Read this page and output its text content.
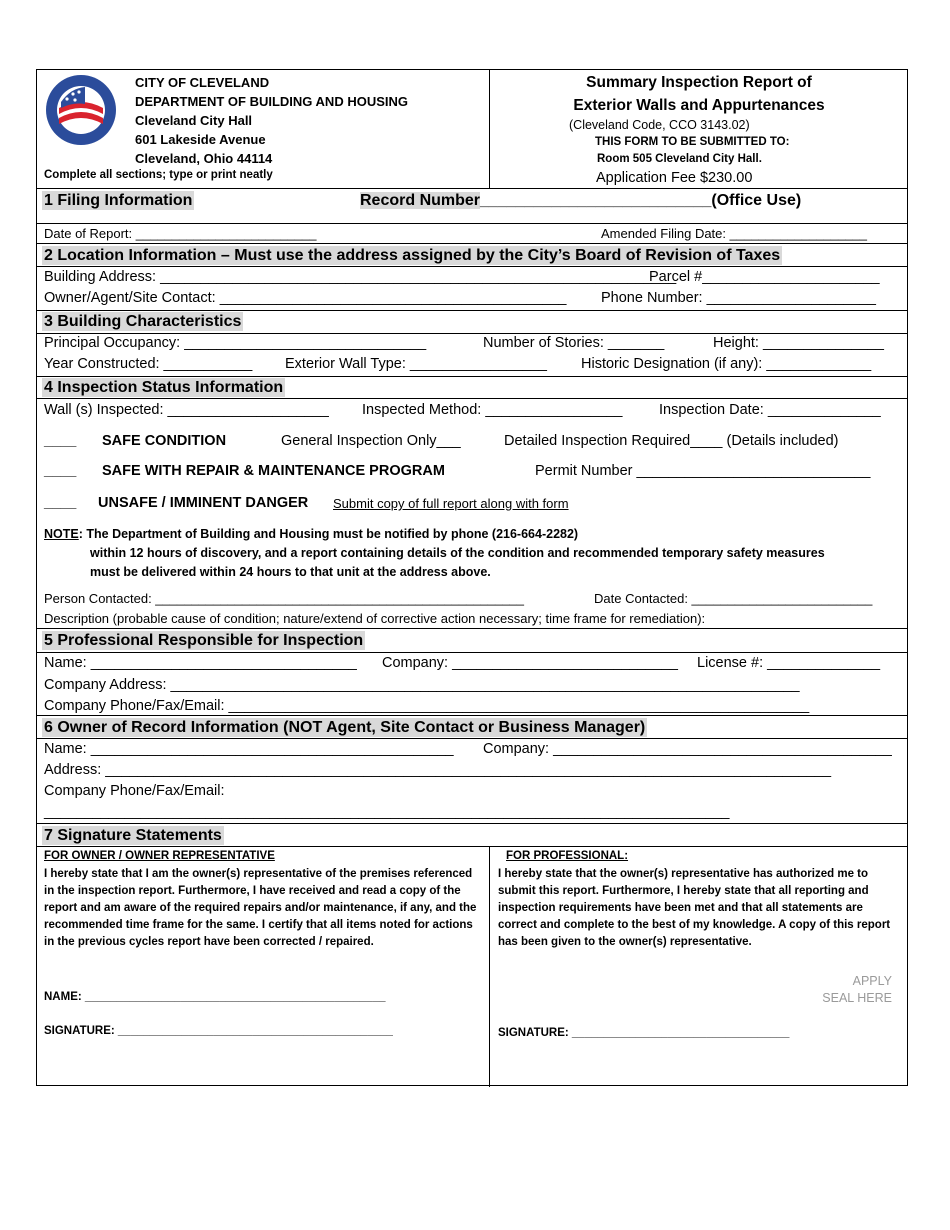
CITY OF CLEVELAND
DEPARTMENT OF BUILDING AND HOUSING
Cleveland City Hall
601 Lakeside Avenue
Cleveland, Ohio 44114
Complete all sections; type or print neatly
Summary Inspection Report of
Exterior Walls and Appurtenances
(Cleveland Code, CCO 3143.02)
THIS FORM TO BE SUBMITTED TO:
Room 505 Cleveland City Hall.
Application Fee $230.00
1 Filing Information	Record Number__________________________(Office Use)
Date of Report: _________________________	Amended Filing Date: ___________________
2 Location Information – Must use the address assigned by the City’s Board of Revision of Taxes
Building Address: ________________________________________________________________
Parcel #______________________
Owner/Agent/Site Contact: ___________________________________________ Phone Number: _____________________
3 Building Characteristics
Principal Occupancy: ______________________________	Number of Stories: _______	Height: _______________
Year Constructed: ___________ Exterior Wall Type: _________________ Historic Designation (if any): _____________
4 Inspection Status Information
Wall (s) Inspected: ____________________ Inspected Method: _________________	Inspection Date: ______________
____ SAFE CONDITION	General Inspection Only___	Detailed Inspection Required____ (Details included)
____ SAFE WITH REPAIR & MAINTENANCE PROGRAM	Permit Number _____________________________
____ UNSAFE / IMMINENT DANGER Submit copy of full report along with form
NOTE: The Department of Building and Housing must be notified by phone (216-664-2282)
within 12 hours of discovery, and a report containing details of the condition and recommended temporary safety measures
must be delivered within 24 hours to that unit at the address above.
Person Contacted: ___________________________________________________	Date Contacted: _________________________
Description (probable cause of condition; nature/extend of corrective action necessary; time frame for remediation):
5 Professional Responsible for Inspection
Name: _________________________________ Company: ____________________________ License #: ______________
Company Address: ______________________________________________________________________________
Company Phone/Fax/Email: ________________________________________________________________________
6 Owner of Record Information (NOT Agent, Site Contact or Business Manager)
Name: _____________________________________________ Company: __________________________________________
Address: __________________________________________________________________________________________
Company Phone/Fax/Email:
_____________________________________________________________________________________
7 Signature Statements
FOR OWNER / OWNER REPRESENTATIVE
I hereby state that I am the owner(s) representative of the premises referenced in the inspection report. Furthermore, I have received and read a copy of the report and am aware of the required repairs and/or maintenance, if any, and the recommended time frame for the same. I certify that all items noted for actions in the previous cycles report have been corrected / repaired.
NAME: _______________________________________________
SIGNATURE: ___________________________________________
FOR PROFESSIONAL:
I hereby state that the owner(s) representative has authorized me to submit this report. Furthermore, I hereby state that all reporting and inspection requirements have been met and that all statements are correct and complete to the best of my knowledge. A copy of this report has been given to the owner(s) representative.
APPLY
SEAL HERE
SIGNATURE: __________________________________
